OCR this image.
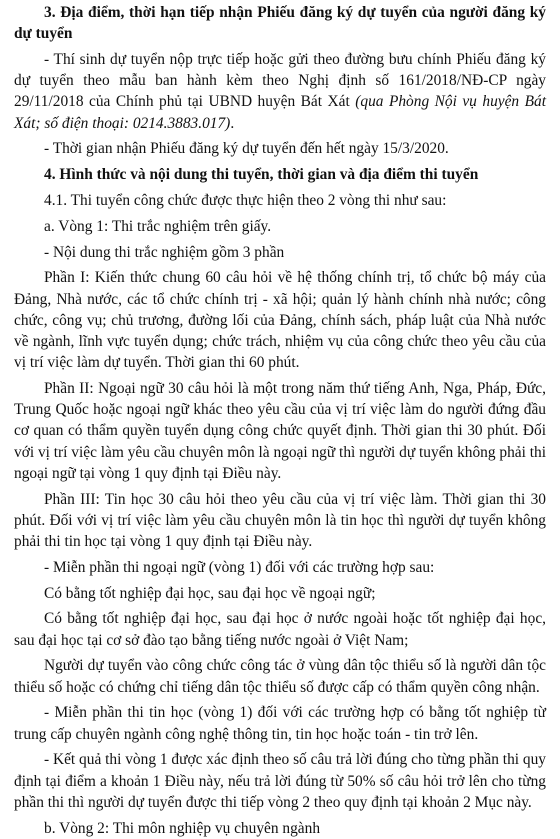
3. Địa điểm, thời hạn tiếp nhận Phiếu đăng ký dự tuyển của người đăng ký dự tuyển

- Thí sinh dự tuyển nộp trực tiếp hoặc gửi theo đường bưu chính Phiếu đăng ký dự tuyển theo mẫu ban hành kèm theo Nghị định số 161/2018/NĐ-CP ngày 29/11/2018 của Chính phủ tại UBND huyện Bát Xát (qua Phòng Nội vụ huyện Bát Xát; số điện thoại: 0214.3883.017).

- Thời gian nhận Phiếu đăng ký dự tuyển đến hết ngày 15/3/2020.

4. Hình thức và nội dung thi tuyển, thời gian và địa điểm thi tuyển

4.1. Thi tuyển công chức được thực hiện theo 2 vòng thi như sau:

a. Vòng 1: Thi trắc nghiệm trên giấy.

- Nội dung thi trắc nghiệm gồm 3 phần

Phần I: Kiến thức chung 60 câu hỏi về hệ thống chính trị, tổ chức bộ máy của Đảng, Nhà nước, các tổ chức chính trị - xã hội; quản lý hành chính nhà nước; công chức, công vụ; chủ trương, đường lối của Đảng, chính sách, pháp luật của Nhà nước về ngành, lĩnh vực tuyển dụng; chức trách, nhiệm vụ của công chức theo yêu cầu của vị trí việc làm dự tuyển. Thời gian thi 60 phút.

Phần II: Ngoại ngữ 30 câu hỏi là một trong năm thứ tiếng Anh, Nga, Pháp, Đức, Trung Quốc hoặc ngoại ngữ khác theo yêu cầu của vị trí việc làm do người đứng đầu cơ quan có thẩm quyền tuyển dụng công chức quyết định. Thời gian thi 30 phút. Đối với vị trí việc làm yêu cầu chuyên môn là ngoại ngữ thì người dự tuyển không phải thi ngoại ngữ tại vòng 1 quy định tại Điều này.

Phần III: Tin học 30 câu hỏi theo yêu cầu của vị trí việc làm. Thời gian thi 30 phút. Đối với vị trí việc làm yêu cầu chuyên môn là tin học thì người dự tuyển không phải thi tin học tại vòng 1 quy định tại Điều này.

- Miễn phần thi ngoại ngữ (vòng 1) đối với các trường hợp sau:

Có bằng tốt nghiệp đại học, sau đại học về ngoại ngữ;

Có bằng tốt nghiệp đại học, sau đại học ở nước ngoài hoặc tốt nghiệp đại học, sau đại học tại cơ sở đào tạo bằng tiếng nước ngoài ở Việt Nam;

Người dự tuyển vào công chức công tác ở vùng dân tộc thiểu số là người dân tộc thiểu số hoặc có chứng chỉ tiếng dân tộc thiểu số được cấp có thẩm quyền công nhận.

- Miễn phần thi tin học (vòng 1) đối với các trường hợp có bằng tốt nghiệp từ trung cấp chuyên ngành công nghệ thông tin, tin học hoặc toán - tin trở lên.

- Kết quả thi vòng 1 được xác định theo số câu trả lời đúng cho từng phần thi quy định tại điểm a khoản 1 Điều này, nếu trả lời đúng từ 50% số câu hỏi trở lên cho từng phần thi thì người dự tuyển được thi tiếp vòng 2 theo quy định tại khoản 2 Mục này.

b. Vòng 2: Thi môn nghiệp vụ chuyên ngành
